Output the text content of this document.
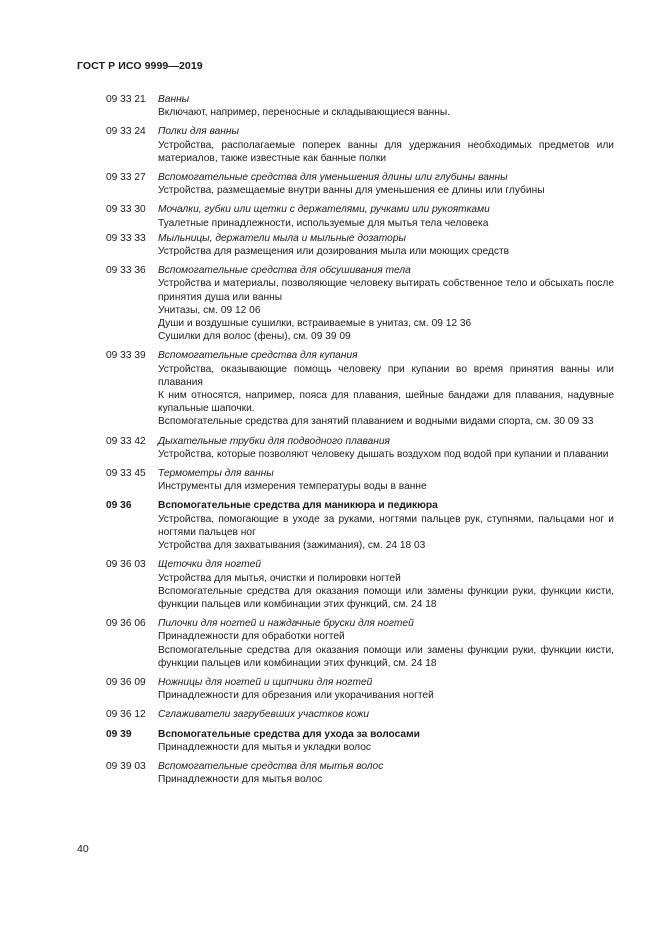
ГОСТ Р ИСО 9999—2019
09 33 21	Ванны

Включают, например, переносные и складывающиеся ванны.

09 33 24	Полки для ванны

Устройства, располагаемые поперек ванны для удержания необходимых предметов или материалов, также известные как банные полки

09 33 27	Вспомогательные средства для уменьшения длины или глубины ванны

Устройства, размещаемые внутри ванны для уменьшения ее длины или глубины

09 33 30	Мочалки, губки или щетки с держателями, ручками или рукоятками

Туалетные принадлежности, используемые для мытья тела человека

09 33 33	Мыльницы, держатели мыла и мыльные дозаторы

Устройства для размещения или дозирования мыла или моющих средств

09 33 36	Вспомогательные средства для обсушивания тела

Устройства и материалы, позволяющие человеку вытирать собственное тело и обсыхать после принятия душа или ванны

Унитазы, см. 09 12 06

Души и воздушные сушилки, встраиваемые в унитаз, см. 09 12 36

Сушилки для волос (фены), см. 09 39 09

09 33 39	Вспомогательные средства для купания

Устройства, оказывающие помощь человеку при купании во время принятия ванны или плавания

К ним относятся, например, пояса для плавания, шейные бандажи для плавания, надувные купальные шапочки.

Вспомогательные средства для занятий плаванием и водными видами спорта, см. 30 09 33

09 33 42	Дыхательные трубки для подводного плавания

Устройства, которые позволяют человеку дышать воздухом под водой при купании и плавании

09 33 45	Термометры для ванны

Инструменты для измерения температуры воды в ванне

09 36	Вспомогательные средства для маникюра и педикюра

Устройства, помогающие в уходе за руками, ногтями пальцев рук, ступнями, пальцами ног и ногтями пальцев ног

Устройства для захватывания (зажимания), см. 24 18 03

09 36 03	Щеточки для ногтей

Устройства для мытья, очистки и полировки ногтей

Вспомогательные средства для оказания помощи или замены функции руки, функции кисти, функции пальцев или комбинации этих функций, см. 24 18

09 36 06	Пилочки для ногтей и наждачные бруски для ногтей

Принадлежности для обработки ногтей

Вспомогательные средства для оказания помощи или замены функции руки, функции кисти, функции пальцев или комбинации этих функций, см. 24 18

09 36 09	Ножницы для ногтей и щипчики для ногтей

Принадлежности для обрезания или укорачивания ногтей

09 36 12	Сглаживатели загрубевших участков кожи
09 39	Вспомогательные средства для ухода за волосами

Принадлежности для мытья и укладки волос

09 39 03	Вспомогательные средства для мытья волос

Принадлежности для мытья волос

40
